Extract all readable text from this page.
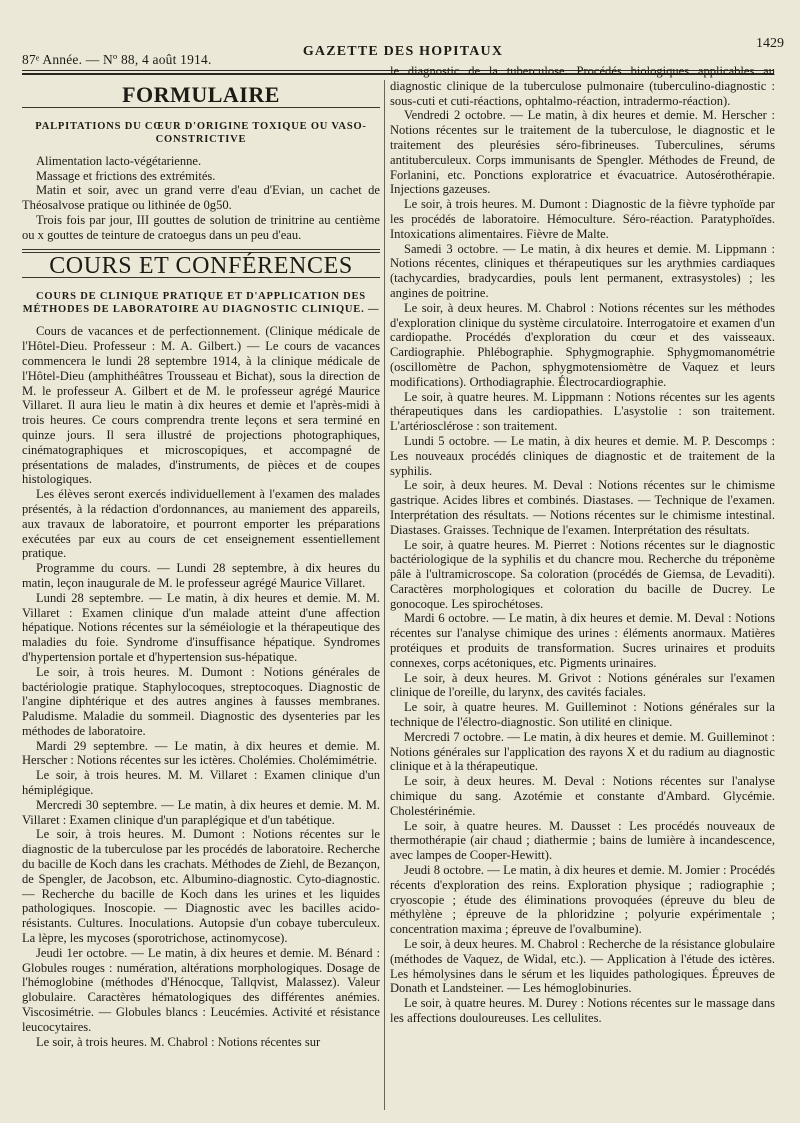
87ᵉ Année. — Nº 88, 4 août 1914.
GAZETTE DES HOPITAUX
1429
FORMULAIRE
PALPITATIONS DU CŒUR D'ORIGINE TOXIQUE OU VASO-CONSTRICTIVE

Alimentation lacto-végétarienne.

Massage et frictions des extrémités.

Matin et soir, avec un grand verre d'eau d'Evian, un cachet de Théosalvose pratique ou lithinée de 0g50.

Trois fois par jour, III gouttes de solution de trinitrine au centième ou x gouttes de teinture de cratoegus dans un peu d'eau.

COURS ET CONFÉRENCES
COURS DE CLINIQUE PRATIQUE ET D'APPLICATION DES MÉTHODES DE LABORATOIRE AU DIAGNOSTIC CLINIQUE. —

Cours de vacances et de perfectionnement. (Clinique médicale de l'Hôtel-Dieu. Professeur : M. A. Gilbert.) — Le cours de vacances commencera le lundi 28 septembre 1914, à la clinique médicale de l'Hôtel-Dieu (amphithéâtres Trousseau et Bichat), sous la direction de M. le professeur A. Gilbert et de M. le professeur agrégé Maurice Villaret. Il aura lieu le matin à dix heures et demie et l'après-midi à trois heures. Ce cours comprendra trente leçons et sera terminé en quinze jours. Il sera illustré de projections photographiques, cinématographiques et microscopiques, et accompagné de présentations de malades, d'instruments, de pièces et de coupes histologiques.

Les élèves seront exercés individuellement à l'examen des malades présentés, à la rédaction d'ordonnances, au maniement des appareils, aux travaux de laboratoire, et pourront emporter les préparations exécutées par eux au cours de cet enseignement essentiellement pratique.

Programme du cours. — Lundi 28 septembre, à dix heures du matin, leçon inaugurale de M. le professeur agrégé Maurice Villaret.

Lundi 28 septembre. — Le matin, à dix heures et demie. M. M. Villaret : Examen clinique d'un malade atteint d'une affection hépatique. Notions récentes sur la séméiologie et la thérapeutique des maladies du foie. Syndrome d'insuffisance hépatique. Syndromes d'hypertension portale et d'hypertension sus-hépatique.

Le soir, à trois heures. M. Dumont : Notions générales de bactériologie pratique. Staphylocoques, streptocoques. Diagnostic de l'angine diphtérique et des autres angines à fausses membranes. Paludisme. Maladie du sommeil. Diagnostic des dysenteries par les méthodes de laboratoire.

Mardi 29 septembre. — Le matin, à dix heures et demie. M. Herscher : Notions récentes sur les ictères. Cholémies. Cholémimétrie.

Le soir, à trois heures. M. M. Villaret : Examen clinique d'un hémiplégique.

Mercredi 30 septembre. — Le matin, à dix heures et demie. M. M. Villaret : Examen clinique d'un paraplégique et d'un tabétique.

Le soir, à trois heures. M. Dumont : Notions récentes sur le diagnostic de la tuberculose par les procédés de laboratoire. Recherche du bacille de Koch dans les crachats. Méthodes de Ziehl, de Bezançon, de Spengler, de Jacobson, etc. Albumino-diagnostic. Cyto-diagnostic. — Recherche du bacille de Koch dans les urines et les liquides pathologiques. Inoscopie. — Diagnostic avec les bacilles acido-résistants. Cultures. Inoculations. Autopsie d'un cobaye tuberculeux. La lèpre, les mycoses (sporotrichose, actinomycose).

Jeudi 1er octobre. — Le matin, à dix heures et demie. M. Bénard : Globules rouges : numération, altérations morphologiques. Dosage de l'hémoglobine (méthodes d'Hénocque, Tallqvist, Malassez). Valeur globulaire. Caractères hématologiques des différentes anémies. Viscosimétrie. — Globules blancs : Leucémies. Activité et résistance leucocytaires.

Le soir, à trois heures. M. Chabrol : Notions récentes sur

le diagnostic de la tuberculose. Procédés biologiques applicables au diagnostic clinique de la tuberculose pulmonaire (tuberculino-diagnostic : sous-cuti et cuti-réactions, ophtalmo-réaction, intradermo-réaction).

Vendredi 2 octobre. — Le matin, à dix heures et demie. M. Herscher : Notions récentes sur le traitement de la tuberculose, le diagnostic et le traitement des pleurésies séro-fibrineuses. Tuberculines, sérums antituberculeux. Corps immunisants de Spengler. Méthodes de Freund, de Forlanini, etc. Ponctions exploratrice et évacuatrice. Autosérothérapie. Injections gazeuses.

Le soir, à trois heures. M. Dumont : Diagnostic de la fièvre typhoïde par les procédés de laboratoire. Hémoculture. Séro-réaction. Paratyphoïdes. Intoxications alimentaires. Fièvre de Malte.

Samedi 3 octobre. — Le matin, à dix heures et demie. M. Lippmann : Notions récentes, cliniques et thérapeutiques sur les arythmies cardiaques (tachycardies, bradycardies, pouls lent permanent, extrasystoles) ; les angines de poitrine.

Le soir, à deux heures. M. Chabrol : Notions récentes sur les méthodes d'exploration clinique du système circulatoire. Interrogatoire et examen d'un cardiopathe. Procédés d'exploration du cœur et des vaisseaux. Cardiographie. Phlébographie. Sphygmographie. Sphygmomanométrie (oscillomètre de Pachon, sphygmotensiomètre de Vaquez et leurs modifications). Orthodiagraphie. Électrocardiographie.

Le soir, à quatre heures. M. Lippmann : Notions récentes sur les agents thérapeutiques dans les cardiopathies. L'asystolie : son traitement. L'artériosclérose : son traitement.

Lundi 5 octobre. — Le matin, à dix heures et demie. M. P. Descomps : Les nouveaux procédés cliniques de diagnostic et de traitement de la syphilis.

Le soir, à deux heures. M. Deval : Notions récentes sur le chimisme gastrique. Acides libres et combinés. Diastases. — Technique de l'examen. Interprétation des résultats. — Notions récentes sur le chimisme intestinal. Diastases. Graisses. Technique de l'examen. Interprétation des résultats.

Le soir, à quatre heures. M. Pierret : Notions récentes sur le diagnostic bactériologique de la syphilis et du chancre mou. Recherche du tréponème pâle à l'ultramicroscope. Sa coloration (procédés de Giemsa, de Levaditi). Caractères morphologiques et coloration du bacille de Ducrey. Le gonocoque. Les spirochétoses.

Mardi 6 octobre. — Le matin, à dix heures et demie. M. Deval : Notions récentes sur l'analyse chimique des urines : éléments anormaux. Matières protéiques et produits de transformation. Sucres urinaires et produits connexes, corps acétoniques, etc. Pigments urinaires.

Le soir, à deux heures. M. Grivot : Notions générales sur l'examen clinique de l'oreille, du larynx, des cavités faciales.

Le soir, à quatre heures. M. Guilleminot : Notions générales sur la technique de l'électro-diagnostic. Son utilité en clinique.

Mercredi 7 octobre. — Le matin, à dix heures et demie. M. Guilleminot : Notions générales sur l'application des rayons X et du radium au diagnostic clinique et à la thérapeutique.

Le soir, à deux heures. M. Deval : Notions récentes sur l'analyse chimique du sang. Azotémie et constante d'Ambard. Glycémie. Cholestérinémie.

Le soir, à quatre heures. M. Dausset : Les procédés nouveaux de thermothérapie (air chaud ; diathermie ; bains de lumière à incandescence, avec lampes de Cooper-Hewitt).

Jeudi 8 octobre. — Le matin, à dix heures et demie. M. Jomier : Procédés récents d'exploration des reins. Exploration physique ; radiographie ; cryoscopie ; étude des éliminations provoquées (épreuve du bleu de méthylène ; épreuve de la phloridzine ; polyurie expérimentale ; concentration maxima ; épreuve de l'ovalbumine).

Le soir, à deux heures. M. Chabrol : Recherche de la résistance globulaire (méthodes de Vaquez, de Widal, etc.). — Application à l'étude des ictères. Les hémolysines dans le sérum et les liquides pathologiques. Épreuves de Donath et Landsteiner. — Les hémoglobinuries.

Le soir, à quatre heures. M. Durey : Notions récentes sur le massage dans les affections douloureuses. Les cellulites.
